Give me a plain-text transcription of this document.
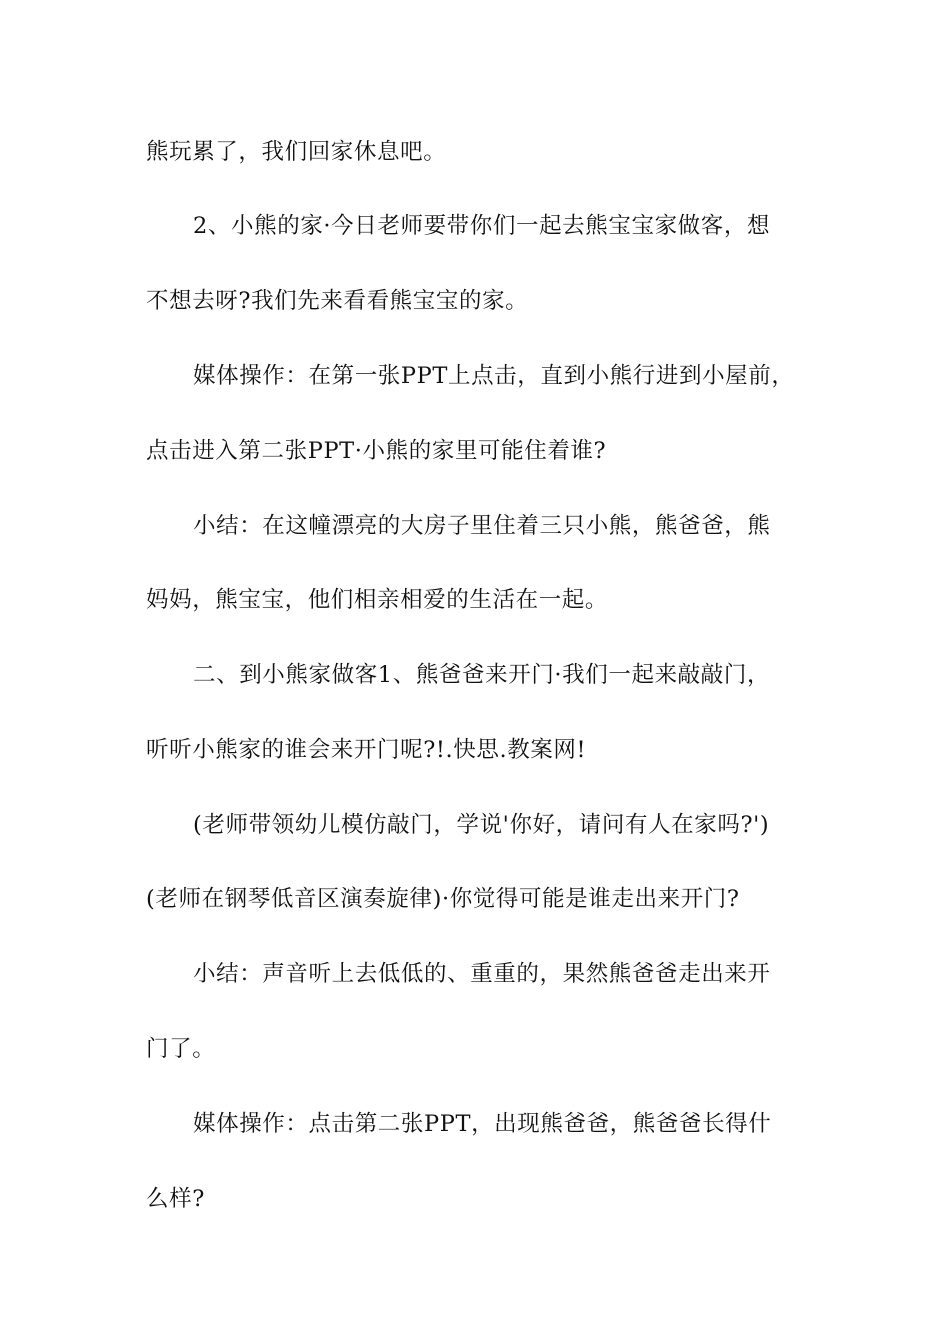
熊玩累了，我们回家休息吧。
2、小熊的家·今日老师要带你们一起去熊宝宝家做客，想
不想去呀?我们先来看看熊宝宝的家。
媒体操作：在第一张PPT上点击，直到小熊行进到小屋前，
点击进入第二张PPT·小熊的家里可能住着谁?
小结：在这幢漂亮的大房子里住着三只小熊，熊爸爸，熊
妈妈，熊宝宝，他们相亲相爱的生活在一起。
二、到小熊家做客1、熊爸爸来开门·我们一起来敲敲门，
听听小熊家的谁会来开门呢?!.快思.教案网!
(老师带领幼儿模仿敲门，学说'你好，请问有人在家吗?')
(老师在钢琴低音区演奏旋律)·你觉得可能是谁走出来开门?
小结：声音听上去低低的、重重的，果然熊爸爸走出来开
门了。
媒体操作：点击第二张PPT，出现熊爸爸，熊爸爸长得什
么样?
